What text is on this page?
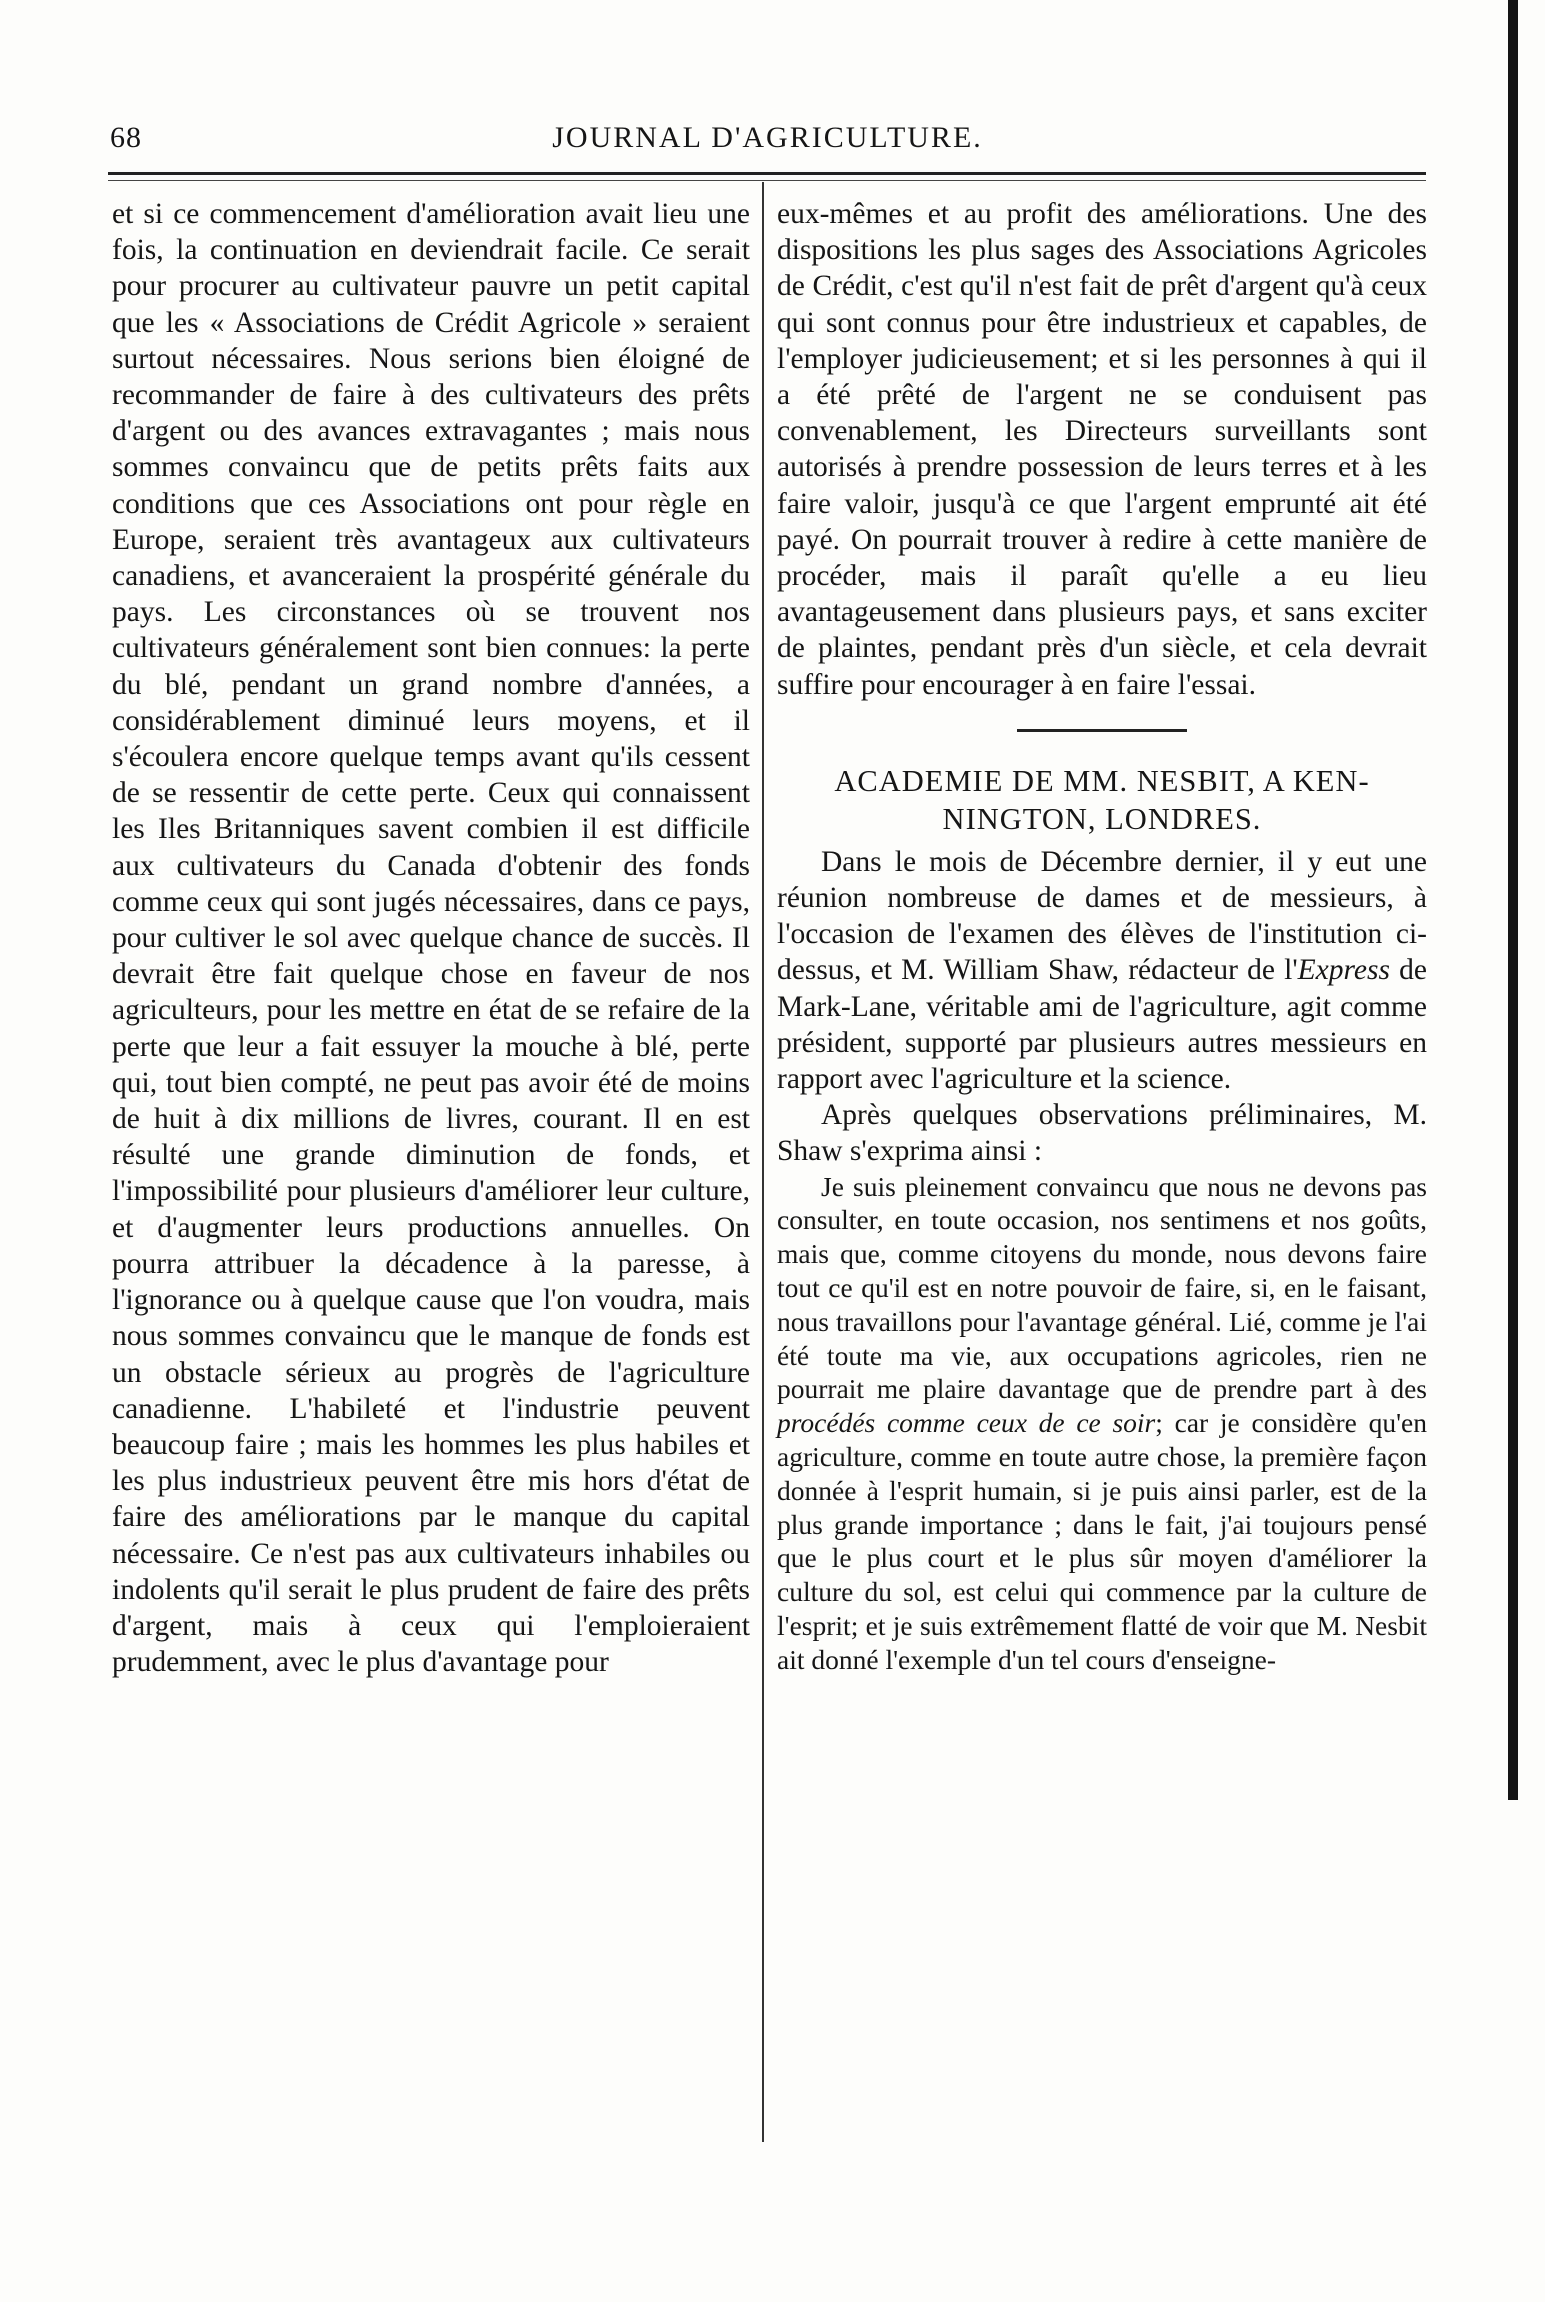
68	JOURNAL D'AGRICULTURE.

et si ce commencement d'amélioration avait lieu une fois, la continuation en deviendrait facile. Ce serait pour procurer au cultivateur pauvre un petit capital que les « Associations de Crédit Agricole » seraient surtout nécessaires. Nous serions bien éloigné de recommander de faire à des cultivateurs des prêts d'argent ou des avances extravagantes ; mais nous sommes convaincu que de petits prêts faits aux conditions que ces Associations ont pour règle en Europe, seraient très avantageux aux cultivateurs canadiens, et avanceraient la prospérité générale du pays. Les circonstances où se trouvent nos cultivateurs généralement sont bien connues: la perte du blé, pendant un grand nombre d'années, a considérablement diminué leurs moyens, et il s'écoulera encore quelque temps avant qu'ils cessent de se ressentir de cette perte. Ceux qui connaissent les Iles Britanniques savent combien il est difficile aux cultivateurs du Canada d'obtenir des fonds comme ceux qui sont jugés nécessaires, dans ce pays, pour cultiver le sol avec quelque chance de succès. Il devrait être fait quelque chose en faveur de nos agriculteurs, pour les mettre en état de se refaire de la perte que leur a fait essuyer la mouche à blé, perte qui, tout bien compté, ne peut pas avoir été de moins de huit à dix millions de livres, courant. Il en est résulté une grande diminution de fonds, et l'impossibilité pour plusieurs d'améliorer leur culture, et d'augmenter leurs productions annuelles. On pourra attribuer la décadence à la paresse, à l'ignorance ou à quelque cause que l'on voudra, mais nous sommes convaincu que le manque de fonds est un obstacle sérieux au progrès de l'agriculture canadienne. L'habileté et l'industrie peuvent beaucoup faire ; mais les hommes les plus habiles et les plus industrieux peuvent être mis hors d'état de faire des améliorations par le manque du capital nécessaire. Ce n'est pas aux cultivateurs inhabiles ou indolents qu'il serait le plus prudent de faire des prêts d'argent, mais à ceux qui l'emploieraient prudemment, avec le plus d'avantage pour

eux-mêmes et au profit des améliorations. Une des dispositions les plus sages des Associations Agricoles de Crédit, c'est qu'il n'est fait de prêt d'argent qu'à ceux qui sont connus pour être industrieux et capables, de l'employer judicieusement; et si les personnes à qui il a été prêté de l'argent ne se conduisent pas convenablement, les Directeurs surveillants sont autorisés à prendre possession de leurs terres et à les faire valoir, jusqu'à ce que l'argent emprunté ait été payé. On pourrait trouver à redire à cette manière de procéder, mais il paraît qu'elle a eu lieu avantageusement dans plusieurs pays, et sans exciter de plaintes, pendant près d'un siècle, et cela devrait suffire pour encourager à en faire l'essai.

ACADEMIE DE MM. NESBIT, A KEN-
NINGTON, LONDRES.

Dans le mois de Décembre dernier, il y eut une réunion nombreuse de dames et de messieurs, à l'occasion de l'examen des élèves de l'institution ci-dessus, et M. William Shaw, rédacteur de l'Express de Mark-Lane, véritable ami de l'agriculture, agit comme président, supporté par plusieurs autres messieurs en rapport avec l'agriculture et la science.

Après quelques observations préliminaires, M. Shaw s'exprima ainsi :

Je suis pleinement convaincu que nous ne devons pas consulter, en toute occasion, nos sentimens et nos goûts, mais que, comme citoyens du monde, nous devons faire tout ce qu'il est en notre pouvoir de faire, si, en le faisant, nous travaillons pour l'avantage général. Lié, comme je l'ai été toute ma vie, aux occupations agricoles, rien ne pourrait me plaire davantage que de prendre part à des procédés comme ceux de ce soir; car je considère qu'en agriculture, comme en toute autre chose, la première façon donnée à l'esprit humain, si je puis ainsi parler, est de la plus grande importance ; dans le fait, j'ai toujours pensé que le plus court et le plus sûr moyen d'améliorer la culture du sol, est celui qui commence par la culture de l'esprit; et je suis extrêmement flatté de voir que M. Nesbit ait donné l'exemple d'un tel cours d'enseigne-
